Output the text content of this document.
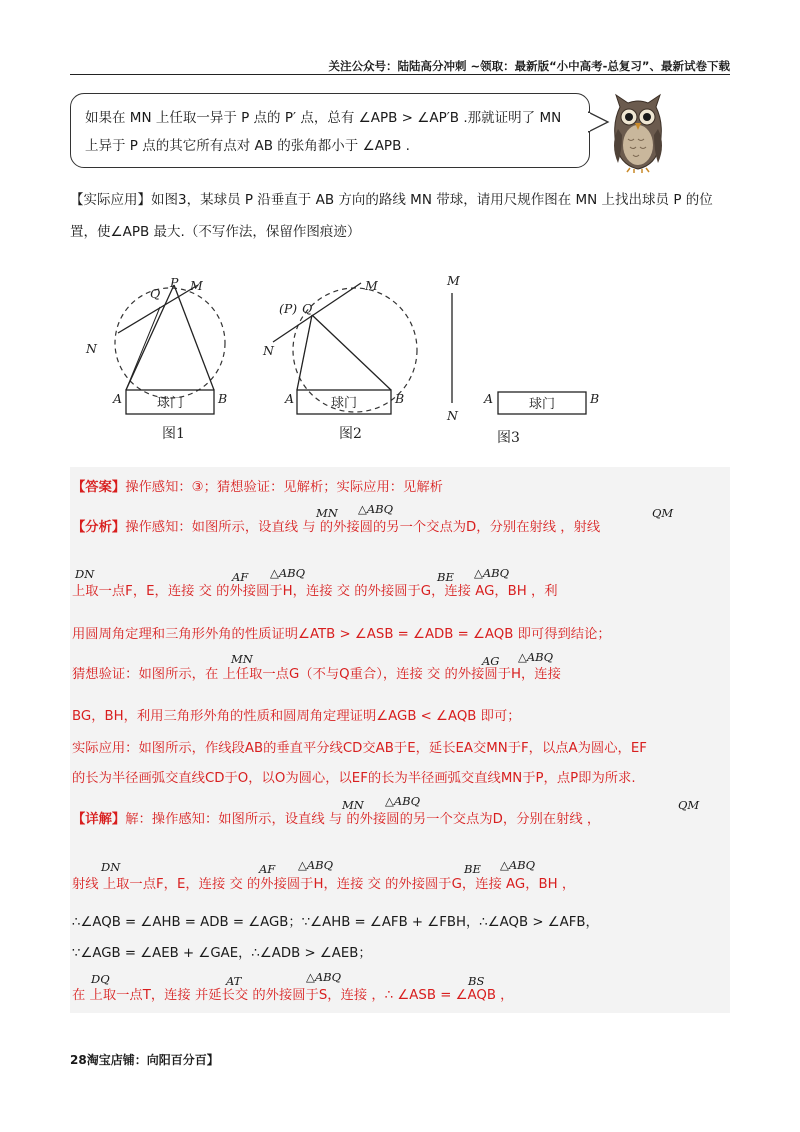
关注公众号：陆陆高分冲刺 ~领取：最新版“小中高考-总复习”、最新试卷下载
如果在 MN 上任取一异于 P 点的 P′ 点，总有 ∠APB > ∠AP′B .那就证明了 MN
上异于 P 点的其它所有点对 AB 的张角都小于 ∠APB .
【实际应用】如图3，某球员 P 沿垂直于 AB 方向的路线 MN 带球，请用尺规作图在 MN 上找出球员 P 的位
置，使∠APB 最大.（不写作法，保留作图痕迹）
球门
Q
P M
N
A	B
图1
球门
(P) Q
M
N
A	B
图2
球门
M
N
A	B
图3
【答案】操作感知：③；猜想验证：见解析；实际应用：见解析
【分析】操作感知：如图所示，设直线 与 的外接圆的另一个交点为D，分别在射线 ，射线
MN △ABQ	QM
上取一点F，E，连接 交 的外接圆于H，连接 交 的外接圆于G，连接 AG，BH ，利
DN	AF △ABQ	BE △ABQ
用圆周角定理和三角形外角的性质证明∠ATB > ∠ASB = ∠ADB = ∠AQB 即可得到结论；
猜想验证：如图所示，在 上任取一点G（不与Q重合），连接 交 的外接圆于H，连接
MN	AG △ABQ
BG，BH，利用三角形外角的性质和圆周角定理证明∠AGB < ∠AQB 即可；
实际应用：如图所示，作线段AB的垂直平分线CD交AB于E，延长EA交MN于F，以点A为圆心，EF
的长为半径画弧交直线CD于O，以O为圆心，以EF的长为半径画弧交直线MN于P，点P即为所求.
【详解】解：操作感知：如图所示，设直线 与 的外接圆的另一个交点为D，分别在射线 ，
MN △ABQ	QM
射线 上取一点F，E，连接 交 的外接圆于H，连接 交 的外接圆于G，连接 AG，BH ，
DN	AF △ABQ	BE △ABQ
∴∠AQB = ∠AHB = ADB = ∠AGB；∵∠AHB = ∠AFB + ∠FBH，∴∠AQB > ∠AFB，
∵∠AGB = ∠AEB + ∠GAE，∴∠ADB > ∠AEB；
在 上取一点T，连接 并延长交 的外接圆于S，连接 ，∴ ∠ASB = ∠AQB ，
DQ	AT	△ABQ	BS
28淘宝店铺：向阳百分百】
